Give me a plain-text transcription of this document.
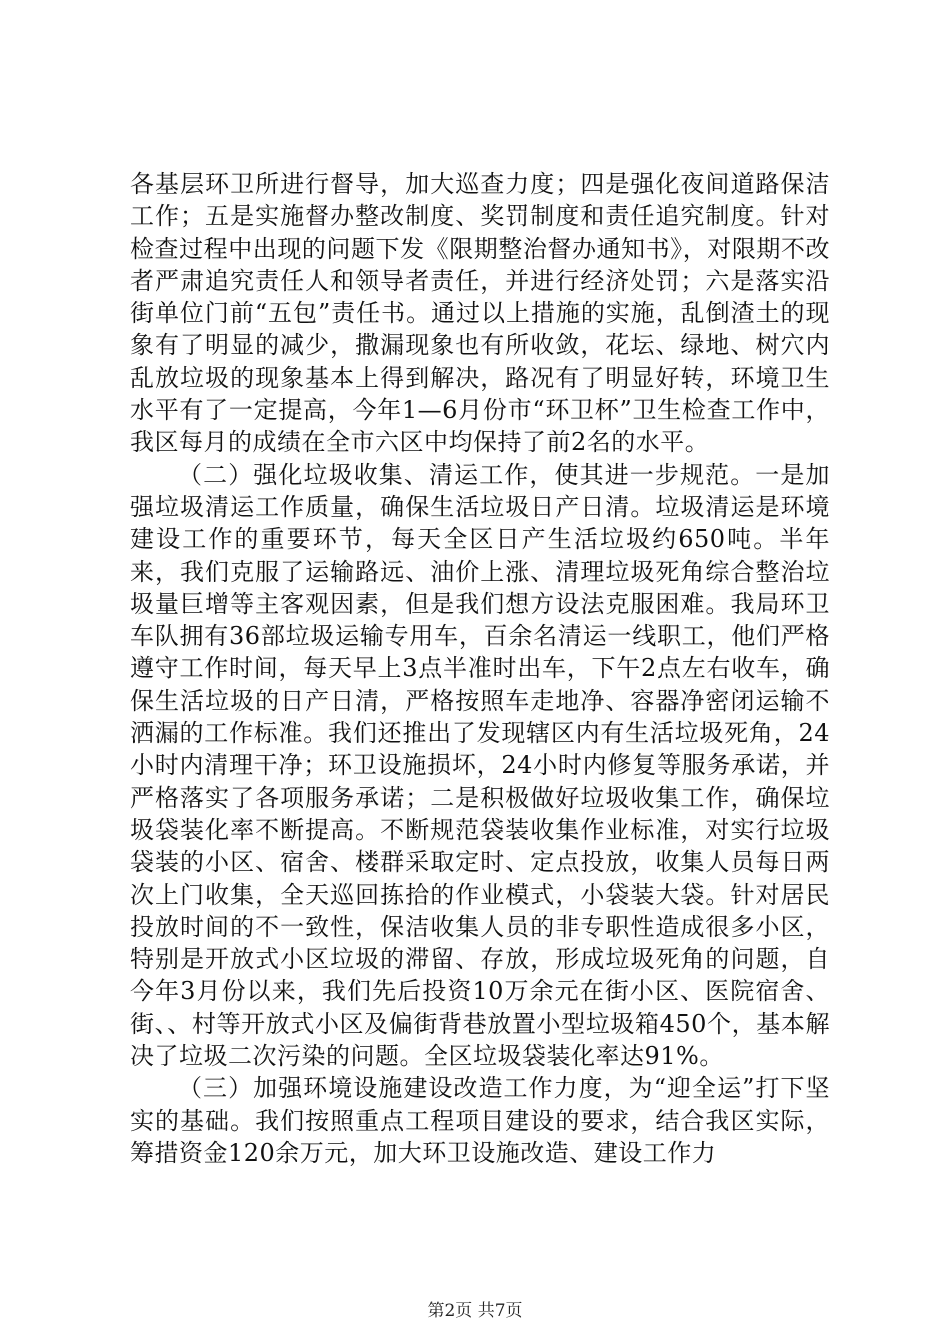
各基层环卫所进行督导，加大巡查力度；四是强化夜间道路保洁工作；五是实施督办整改制度、奖罚制度和责任追究制度。针对检查过程中出现的问题下发《限期整治督办通知书》，对限期不改者严肃追究责任人和领导者责任，并进行经济处罚；六是落实沿街单位门前“五包”责任书。通过以上措施的实施，乱倒渣土的现象有了明显的减少，撒漏现象也有所收敛，花坛、绿地、树穴内乱放垃圾的现象基本上得到解决，路况有了明显好转，环境卫生水平有了一定提高，今年1—6月份市“环卫杯”卫生检查工作中，我区每月的成绩在全市六区中均保持了前2名的水平。

（二）强化垃圾收集、清运工作，使其进一步规范。一是加强垃圾清运工作质量，确保生活垃圾日产日清。垃圾清运是环境建设工作的重要环节，每天全区日产生活垃圾约650吨。半年来，我们克服了运输路远、油价上涨、清理垃圾死角综合整治垃圾量巨增等主客观因素，但是我们想方设法克服困难。我局环卫车队拥有36部垃圾运输专用车，百余名清运一线职工，他们严格遵守工作时间，每天早上3点半准时出车，下午2点左右收车，确保生活垃圾的日产日清，严格按照车走地净、容器净密闭运输不洒漏的工作标准。我们还推出了发现辖区内有生活垃圾死角，24小时内清理干净；环卫设施损坏，24小时内修复等服务承诺，并严格落实了各项服务承诺；二是积极做好垃圾收集工作，确保垃圾袋装化率不断提高。不断规范袋装收集作业标准，对实行垃圾袋装的小区、宿舍、楼群采取定时、定点投放，收集人员每日两次上门收集，全天巡回拣拾的作业模式，小袋装大袋。针对居民投放时间的不一致性，保洁收集人员的非专职性造成很多小区，特别是开放式小区垃圾的滞留、存放，形成垃圾死角的问题，自今年3月份以来，我们先后投资10万余元在街小区、医院宿舍、街、、村等开放式小区及偏街背巷放置小型垃圾箱450个，基本解决了垃圾二次污染的问题。全区垃圾袋装化率达91%。

（三）加强环境设施建设改造工作力度，为“迎全运”打下坚实的基础。我们按照重点工程项目建设的要求，结合我区实际，筹措资金120余万元，加大环卫设施改造、建设工作力

第2页 共7页
